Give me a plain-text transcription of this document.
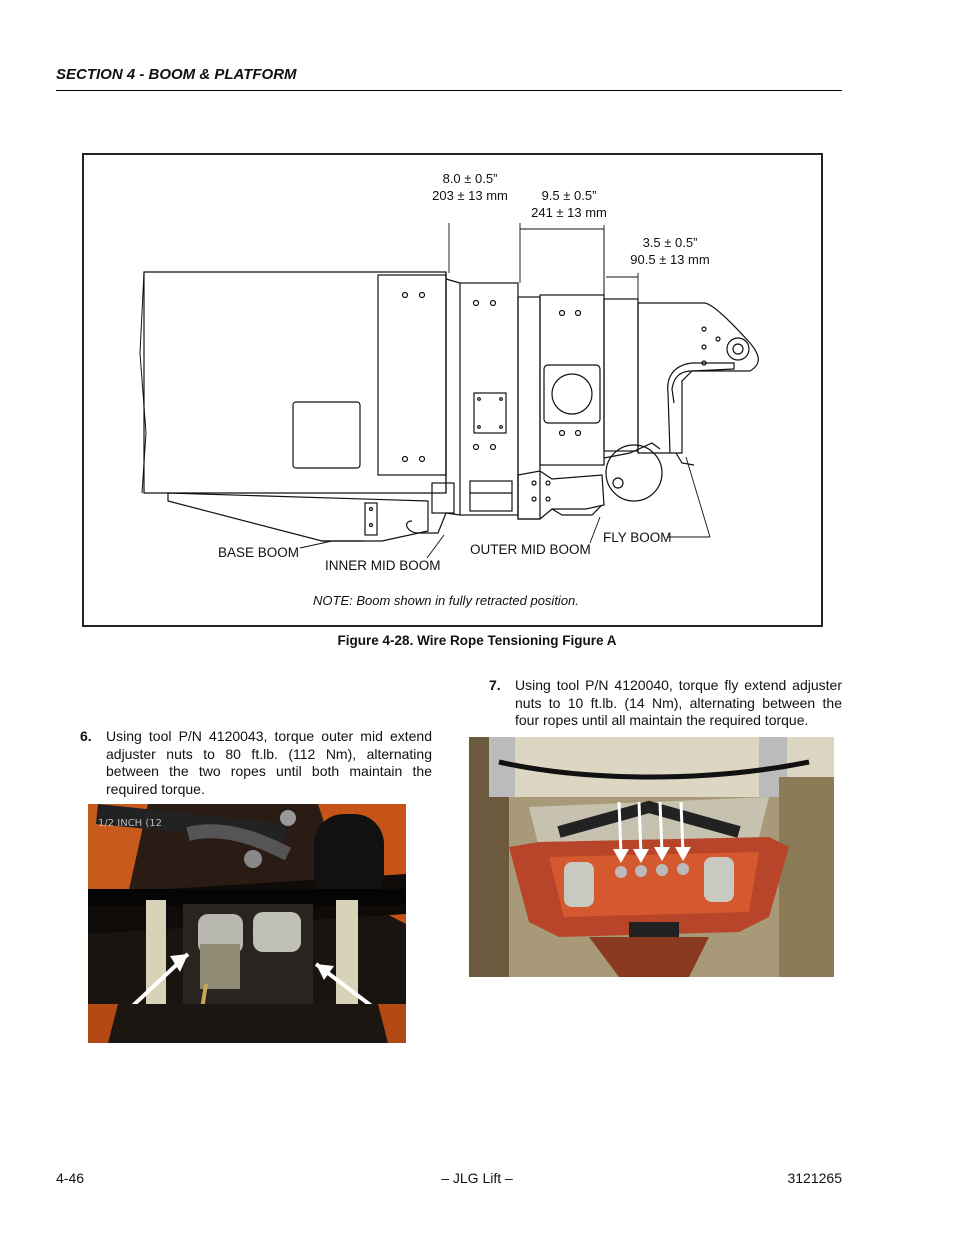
SECTION 4 - BOOM & PLATFORM
8.0 ± 0.5”
203 ± 13 mm	9.5 ± 0.5”
241 ± 13 mm
3.5 ± 0.5”
90.5 ± 13 mm
BASE BOOM
INNER MID BOOM
OUTER MID BOOM
FLY BOOM
NOTE: Boom shown in fully retracted position.
Figure 4-28. Wire Rope Tensioning Figure A
7. Using tool P/N 4120040, torque fly extend adjuster nuts to 10 ft.lb. (14 Nm), alternating between the four ropes until all maintain the required torque.
6. Using tool P/N 4120043, torque outer mid extend adjuster nuts to 80 ft.lb. (112 Nm), alternating between the two ropes until both maintain the required torque.
1/2 INCH (12
4-46	– JLG Lift –	3121265
